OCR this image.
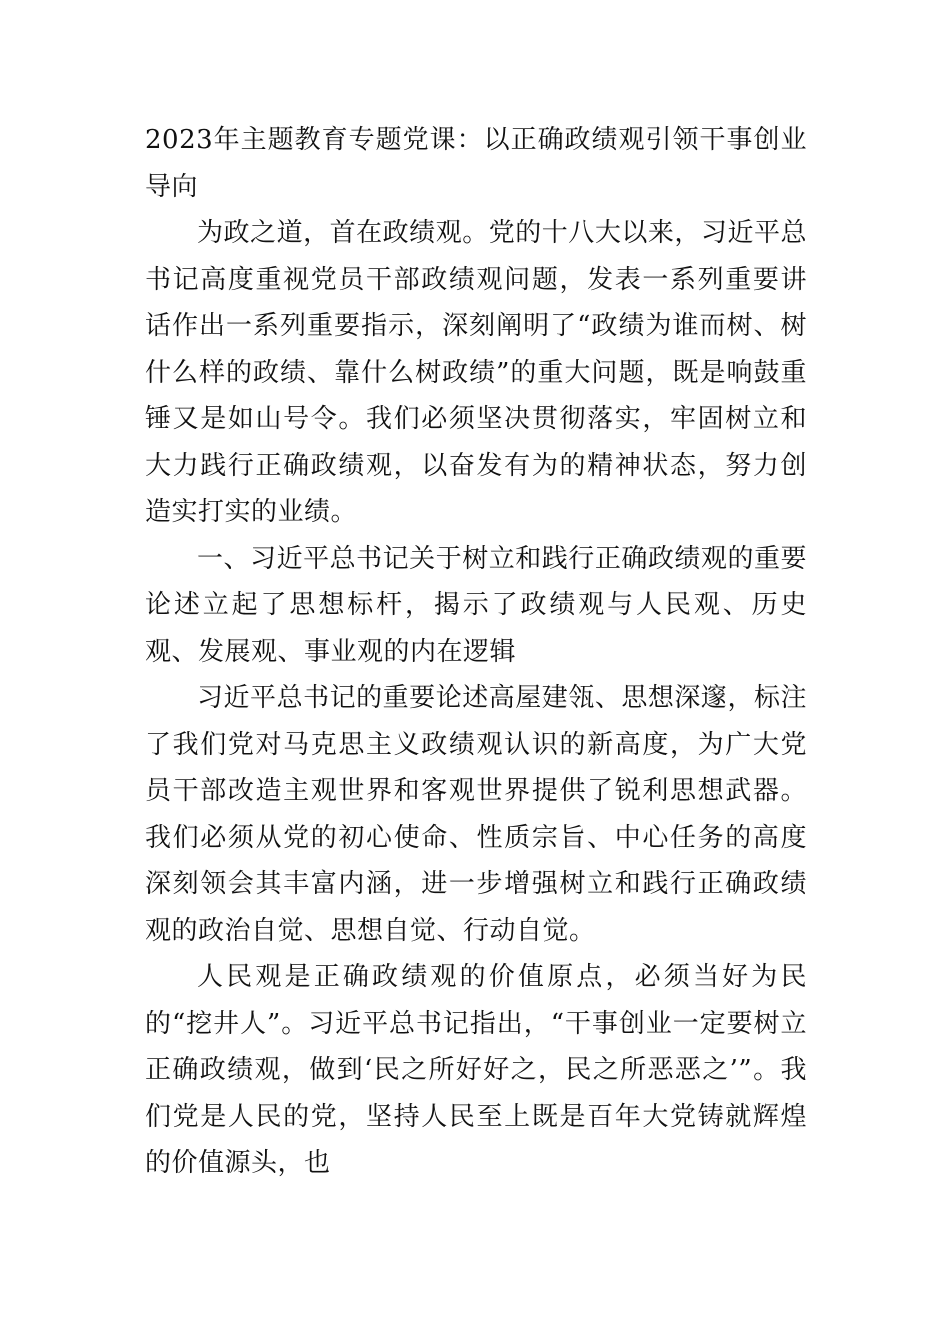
2023年主题教育专题党课：以正确政绩观引领干事创业导向

为政之道，首在政绩观。党的十八大以来，习近平总书记高度重视党员干部政绩观问题，发表一系列重要讲话作出一系列重要指示，深刻阐明了“政绩为谁而树、树什么样的政绩、靠什么树政绩”的重大问题，既是响鼓重锤又是如山号令。我们必须坚决贯彻落实，牢固树立和大力践行正确政绩观，以奋发有为的精神状态，努力创造实打实的业绩。

一、习近平总书记关于树立和践行正确政绩观的重要论述立起了思想标杆，揭示了政绩观与人民观、历史观、发展观、事业观的内在逻辑

习近平总书记的重要论述高屋建瓴、思想深邃，标注了我们党对马克思主义政绩观认识的新高度，为广大党员干部改造主观世界和客观世界提供了锐利思想武器。我们必须从党的初心使命、性质宗旨、中心任务的高度深刻领会其丰富内涵，进一步增强树立和践行正确政绩观的政治自觉、思想自觉、行动自觉。

人民观是正确政绩观的价值原点，必须当好为民的“挖井人”。习近平总书记指出，“干事创业一定要树立正确政绩观，做到‘民之所好好之，民之所恶恶之’”。我们党是人民的党，坚持人民至上既是百年大党铸就辉煌的价值源头，也
